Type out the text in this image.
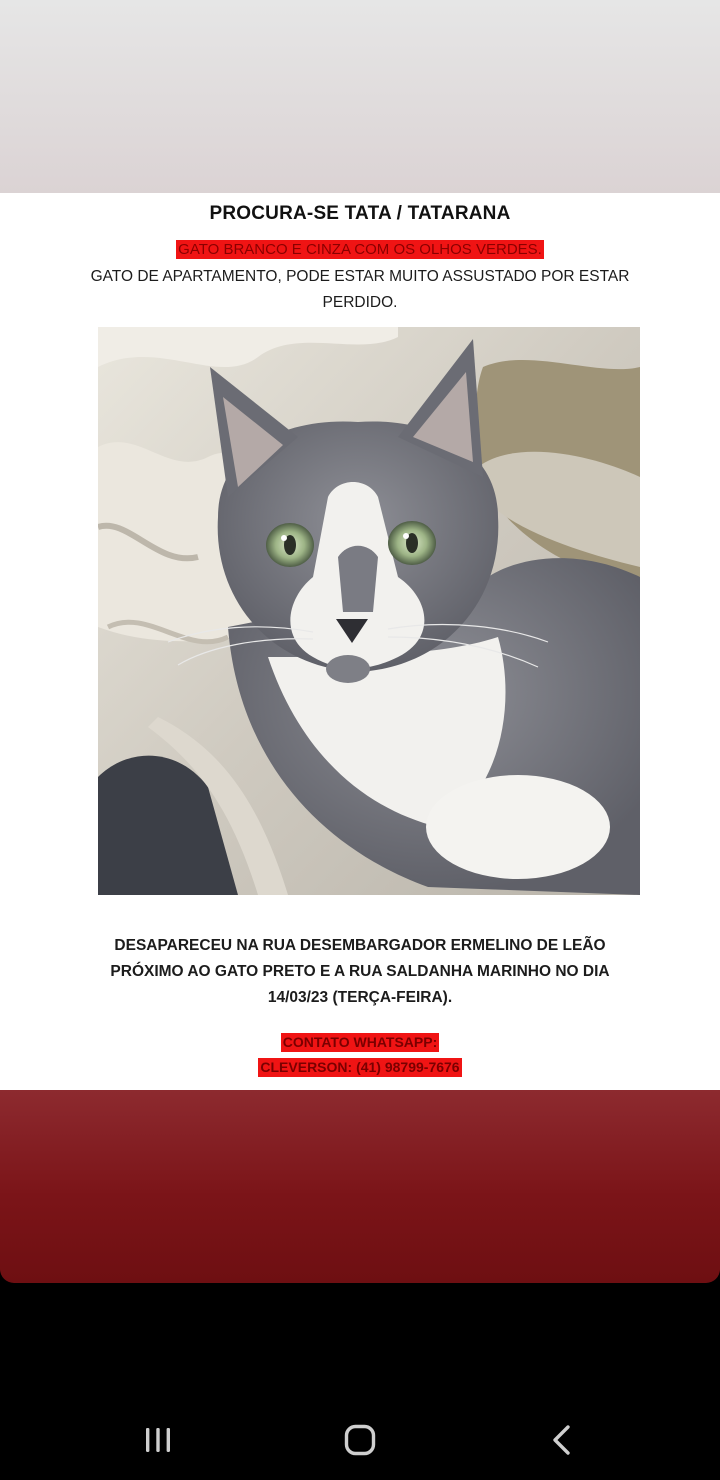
PROCURA-SE TATA / TATARANA
GATO BRANCO E CINZA COM OS OLHOS VERDES.
GATO DE APARTAMENTO, PODE ESTAR MUITO ASSUSTADO POR ESTAR PERDIDO.
DESAPARECEU NA RUA DESEMBARGADOR ERMELINO DE LEÃO PRÓXIMO AO GATO PRETO E A RUA SALDANHA MARINHO NO DIA 14/03/23 (TERÇA-FEIRA).
CONTATO WHATSAPP:
CLEVERSON: (41) 98799-7676
